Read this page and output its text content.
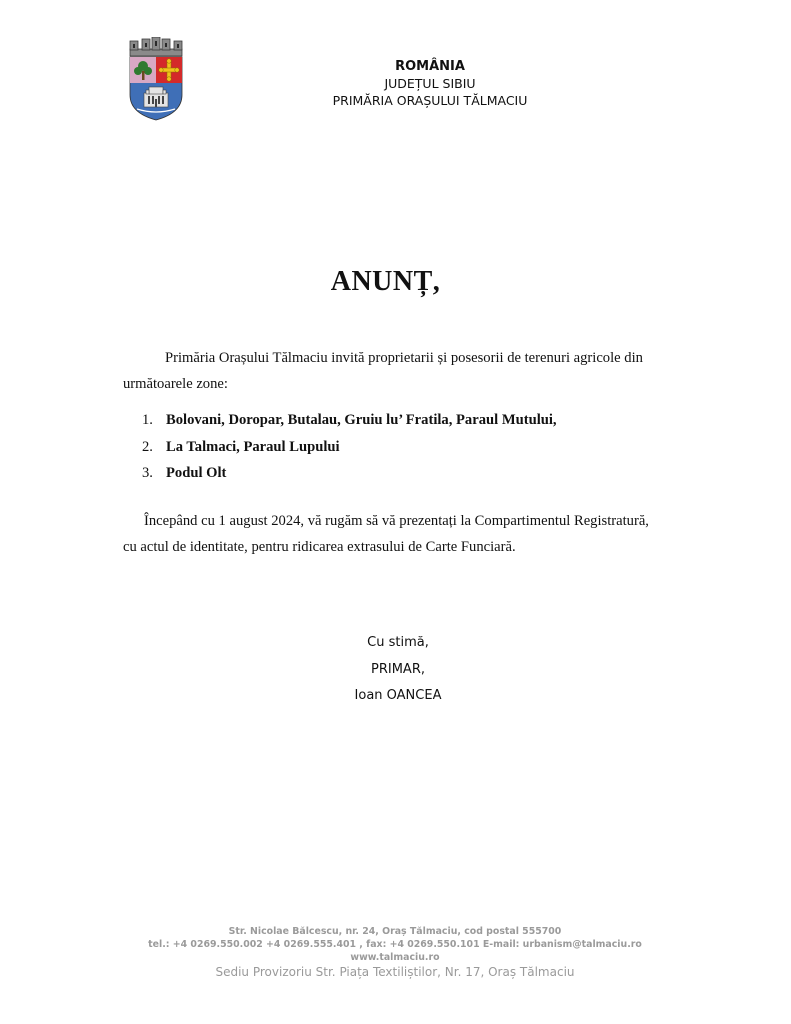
ROMÂNIA
JUDEȚUL SIBIU
PRIMĂRIA ORAȘULUI TĂLMACIU
ANUNȚ,
Primăria Orașului Tălmaciu invită proprietarii și posesorii de terenuri agricole din următoarele zone:
1. Bolovani, Doropar, Butalau, Gruiu lu’ Fratila, Paraul Mutului,
2. La Talmaci, Paraul Lupului
3. Podul Olt
Începând cu 1 august 2024, vă rugăm să vă prezentați la Compartimentul Registratură, cu actul de identitate, pentru ridicarea extrasului de Carte Funciară.
Cu stimă,
PRIMAR,
Ioan OANCEA
Str. Nicolae Bălcescu, nr. 24, Oraș Tălmaciu, cod postal 555700
tel.: +4 0269.550.002 +4 0269.555.401 , fax: +4 0269.550.101 E-mail: urbanism@talmaciu.ro
www.talmaciu.ro
Sediu Provizoriu Str. Piața Textiliștilor, Nr. 17, Oraș Tălmaciu
